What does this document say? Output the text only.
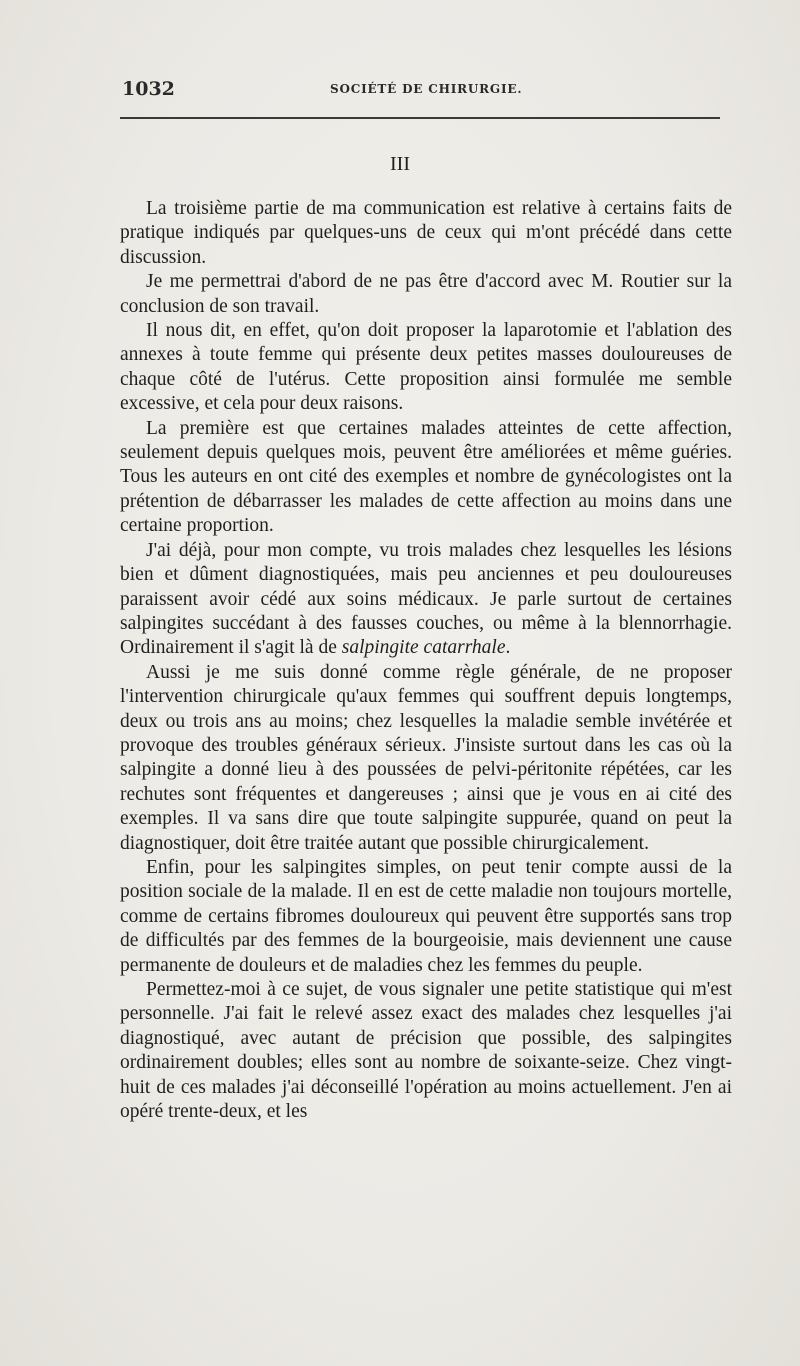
1032	SOCIÉTÉ DE CHIRURGIE.
III

La troisième partie de ma communication est relative à certains faits de pratique indiqués par quelques-uns de ceux qui m'ont précédé dans cette discussion.

Je me permettrai d'abord de ne pas être d'accord avec M. Routier sur la conclusion de son travail.

Il nous dit, en effet, qu'on doit proposer la laparotomie et l'ablation des annexes à toute femme qui présente deux petites masses douloureuses de chaque côté de l'utérus. Cette proposition ainsi formulée me semble excessive, et cela pour deux raisons.

La première est que certaines malades atteintes de cette affection, seulement depuis quelques mois, peuvent être améliorées et même guéries. Tous les auteurs en ont cité des exemples et nombre de gynécologistes ont la prétention de débarrasser les malades de cette affection au moins dans une certaine proportion.

J'ai déjà, pour mon compte, vu trois malades chez lesquelles les lésions bien et dûment diagnostiquées, mais peu anciennes et peu douloureuses paraissent avoir cédé aux soins médicaux. Je parle surtout de certaines salpingites succédant à des fausses couches, ou même à la blennorrhagie. Ordinairement il s'agit là de salpingite catarrhale.

Aussi je me suis donné comme règle générale, de ne proposer l'intervention chirurgicale qu'aux femmes qui souffrent depuis longtemps, deux ou trois ans au moins; chez lesquelles la maladie semble invétérée et provoque des troubles généraux sérieux. J'insiste surtout dans les cas où la salpingite a donné lieu à des poussées de pelvi-péritonite répétées, car les rechutes sont fréquentes et dangereuses ; ainsi que je vous en ai cité des exemples. Il va sans dire que toute salpingite suppurée, quand on peut la diagnostiquer, doit être traitée autant que possible chirurgicalement.

Enfin, pour les salpingites simples, on peut tenir compte aussi de la position sociale de la malade. Il en est de cette maladie non toujours mortelle, comme de certains fibromes douloureux qui peuvent être supportés sans trop de difficultés par des femmes de la bourgeoisie, mais deviennent une cause permanente de douleurs et de maladies chez les femmes du peuple.

Permettez-moi à ce sujet, de vous signaler une petite statistique qui m'est personnelle. J'ai fait le relevé assez exact des malades chez lesquelles j'ai diagnostiqué, avec autant de précision que possible, des salpingites ordinairement doubles; elles sont au nombre de soixante-seize. Chez vingt-huit de ces malades j'ai déconseillé l'opération au moins actuellement. J'en ai opéré trente-deux, et les
